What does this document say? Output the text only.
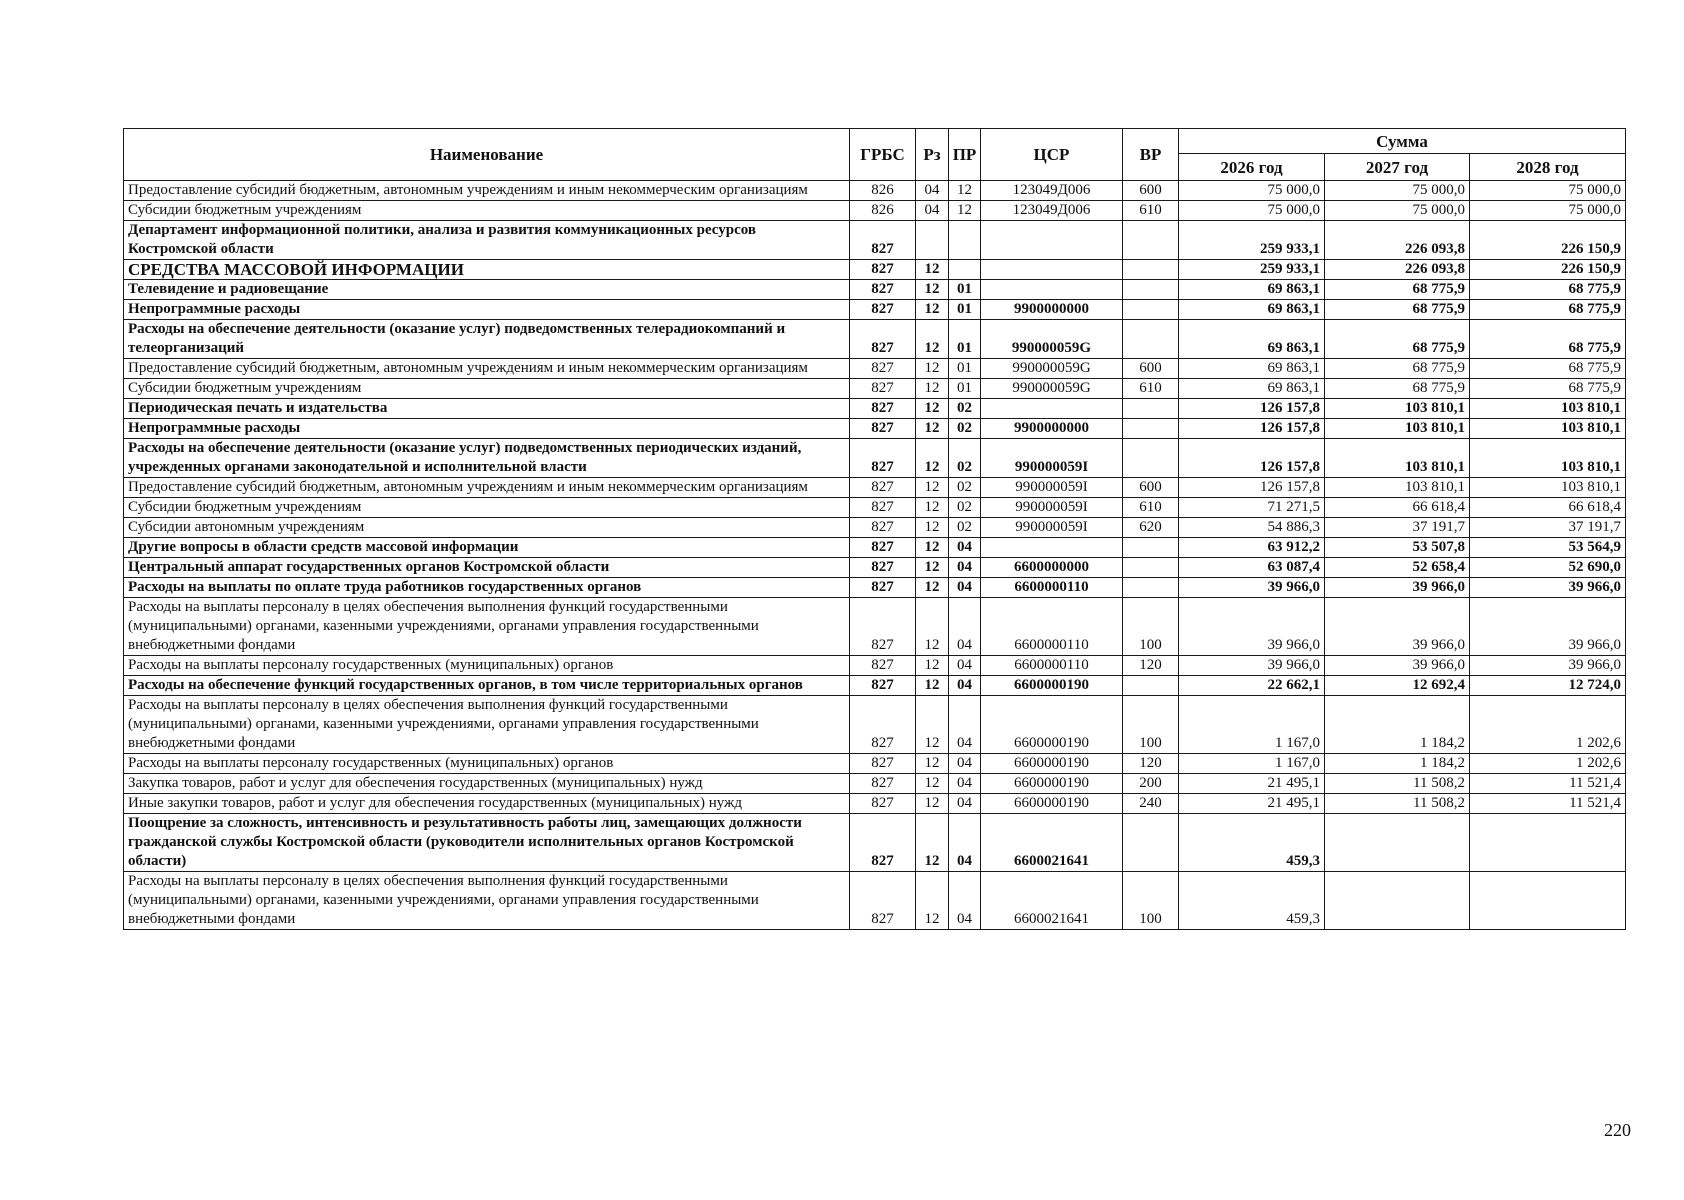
Наименование	ГРБС	Рз	ПР	ЦСР	ВР	Сумма		
						2026 год	2027 год	2028 год
Предоставление субсидий бюджетным, автономным учреждениям и иным некоммерческим организациям	826	04	12	123049Д006	600	75 000,0	75 000,0	75 000,0
Субсидии бюджетным учреждениям	826	04	12	123049Д006	610	75 000,0	75 000,0	75 000,0
Департамент информационной политики, анализа и развития коммуникационных ресурсов Костромской области	827					259 933,1	226 093,8	226 150,9
СРЕДСТВА МАССОВОЙ ИНФОРМАЦИИ	827	12				259 933,1	226 093,8	226 150,9
Телевидение и радиовещание	827	12	01			69 863,1	68 775,9	68 775,9
Непрограммные расходы	827	12	01	9900000000		69 863,1	68 775,9	68 775,9
Расходы на обеспечение деятельности (оказание услуг) подведомственных телерадиокомпаний и телеорганизаций	827	12	01	990000059G		69 863,1	68 775,9	68 775,9
Предоставление субсидий бюджетным, автономным учреждениям и иным некоммерческим организациям	827	12	01	990000059G	600	69 863,1	68 775,9	68 775,9
Субсидии бюджетным учреждениям	827	12	01	990000059G	610	69 863,1	68 775,9	68 775,9
Периодическая печать и издательства	827	12	02			126 157,8	103 810,1	103 810,1
Непрограммные расходы	827	12	02	9900000000		126 157,8	103 810,1	103 810,1
Расходы на обеспечение деятельности (оказание услуг) подведомственных периодических изданий, учрежденных органами законодательной и исполнительной власти	827	12	02	990000059I		126 157,8	103 810,1	103 810,1
Предоставление субсидий бюджетным, автономным учреждениям и иным некоммерческим организациям	827	12	02	990000059I	600	126 157,8	103 810,1	103 810,1
Субсидии бюджетным учреждениям	827	12	02	990000059I	610	71 271,5	66 618,4	66 618,4
Субсидии автономным учреждениям	827	12	02	990000059I	620	54 886,3	37 191,7	37 191,7
Другие вопросы в области средств массовой информации	827	12	04			63 912,2	53 507,8	53 564,9
Центральный аппарат государственных органов Костромской области	827	12	04	6600000000		63 087,4	52 658,4	52 690,0
Расходы на выплаты по оплате труда работников государственных органов	827	12	04	6600000110		39 966,0	39 966,0	39 966,0
Расходы на выплаты персоналу в целях обеспечения выполнения функций государственными (муниципальными) органами, казенными учреждениями, органами управления государственными внебюджетными фондами	827	12	04	6600000110	100	39 966,0	39 966,0	39 966,0
Расходы на выплаты персоналу государственных (муниципальных) органов	827	12	04	6600000110	120	39 966,0	39 966,0	39 966,0
Расходы на обеспечение функций государственных органов, в том числе территориальных органов	827	12	04	6600000190		22 662,1	12 692,4	12 724,0
Расходы на выплаты персоналу в целях обеспечения выполнения функций государственными (муниципальными) органами, казенными учреждениями, органами управления государственными внебюджетными фондами	827	12	04	6600000190	100	1 167,0	1 184,2	1 202,6
Расходы на выплаты персоналу государственных (муниципальных) органов	827	12	04	6600000190	120	1 167,0	1 184,2	1 202,6
Закупка товаров, работ и услуг для обеспечения государственных (муниципальных) нужд	827	12	04	6600000190	200	21 495,1	11 508,2	11 521,4
Иные закупки товаров, работ и услуг для обеспечения государственных (муниципальных) нужд	827	12	04	6600000190	240	21 495,1	11 508,2	11 521,4
Поощрение за сложность, интенсивность и результативность работы лиц, замещающих должности гражданской службы Костромской области (руководители исполнительных органов Костромской области)	827	12	04	6600021641		459,3		
Расходы на выплаты персоналу в целях обеспечения выполнения функций государственными (муниципальными) органами, казенными учреждениями, органами управления государственными внебюджетными фондами	827	12	04	6600021641	100	459,3		
220
